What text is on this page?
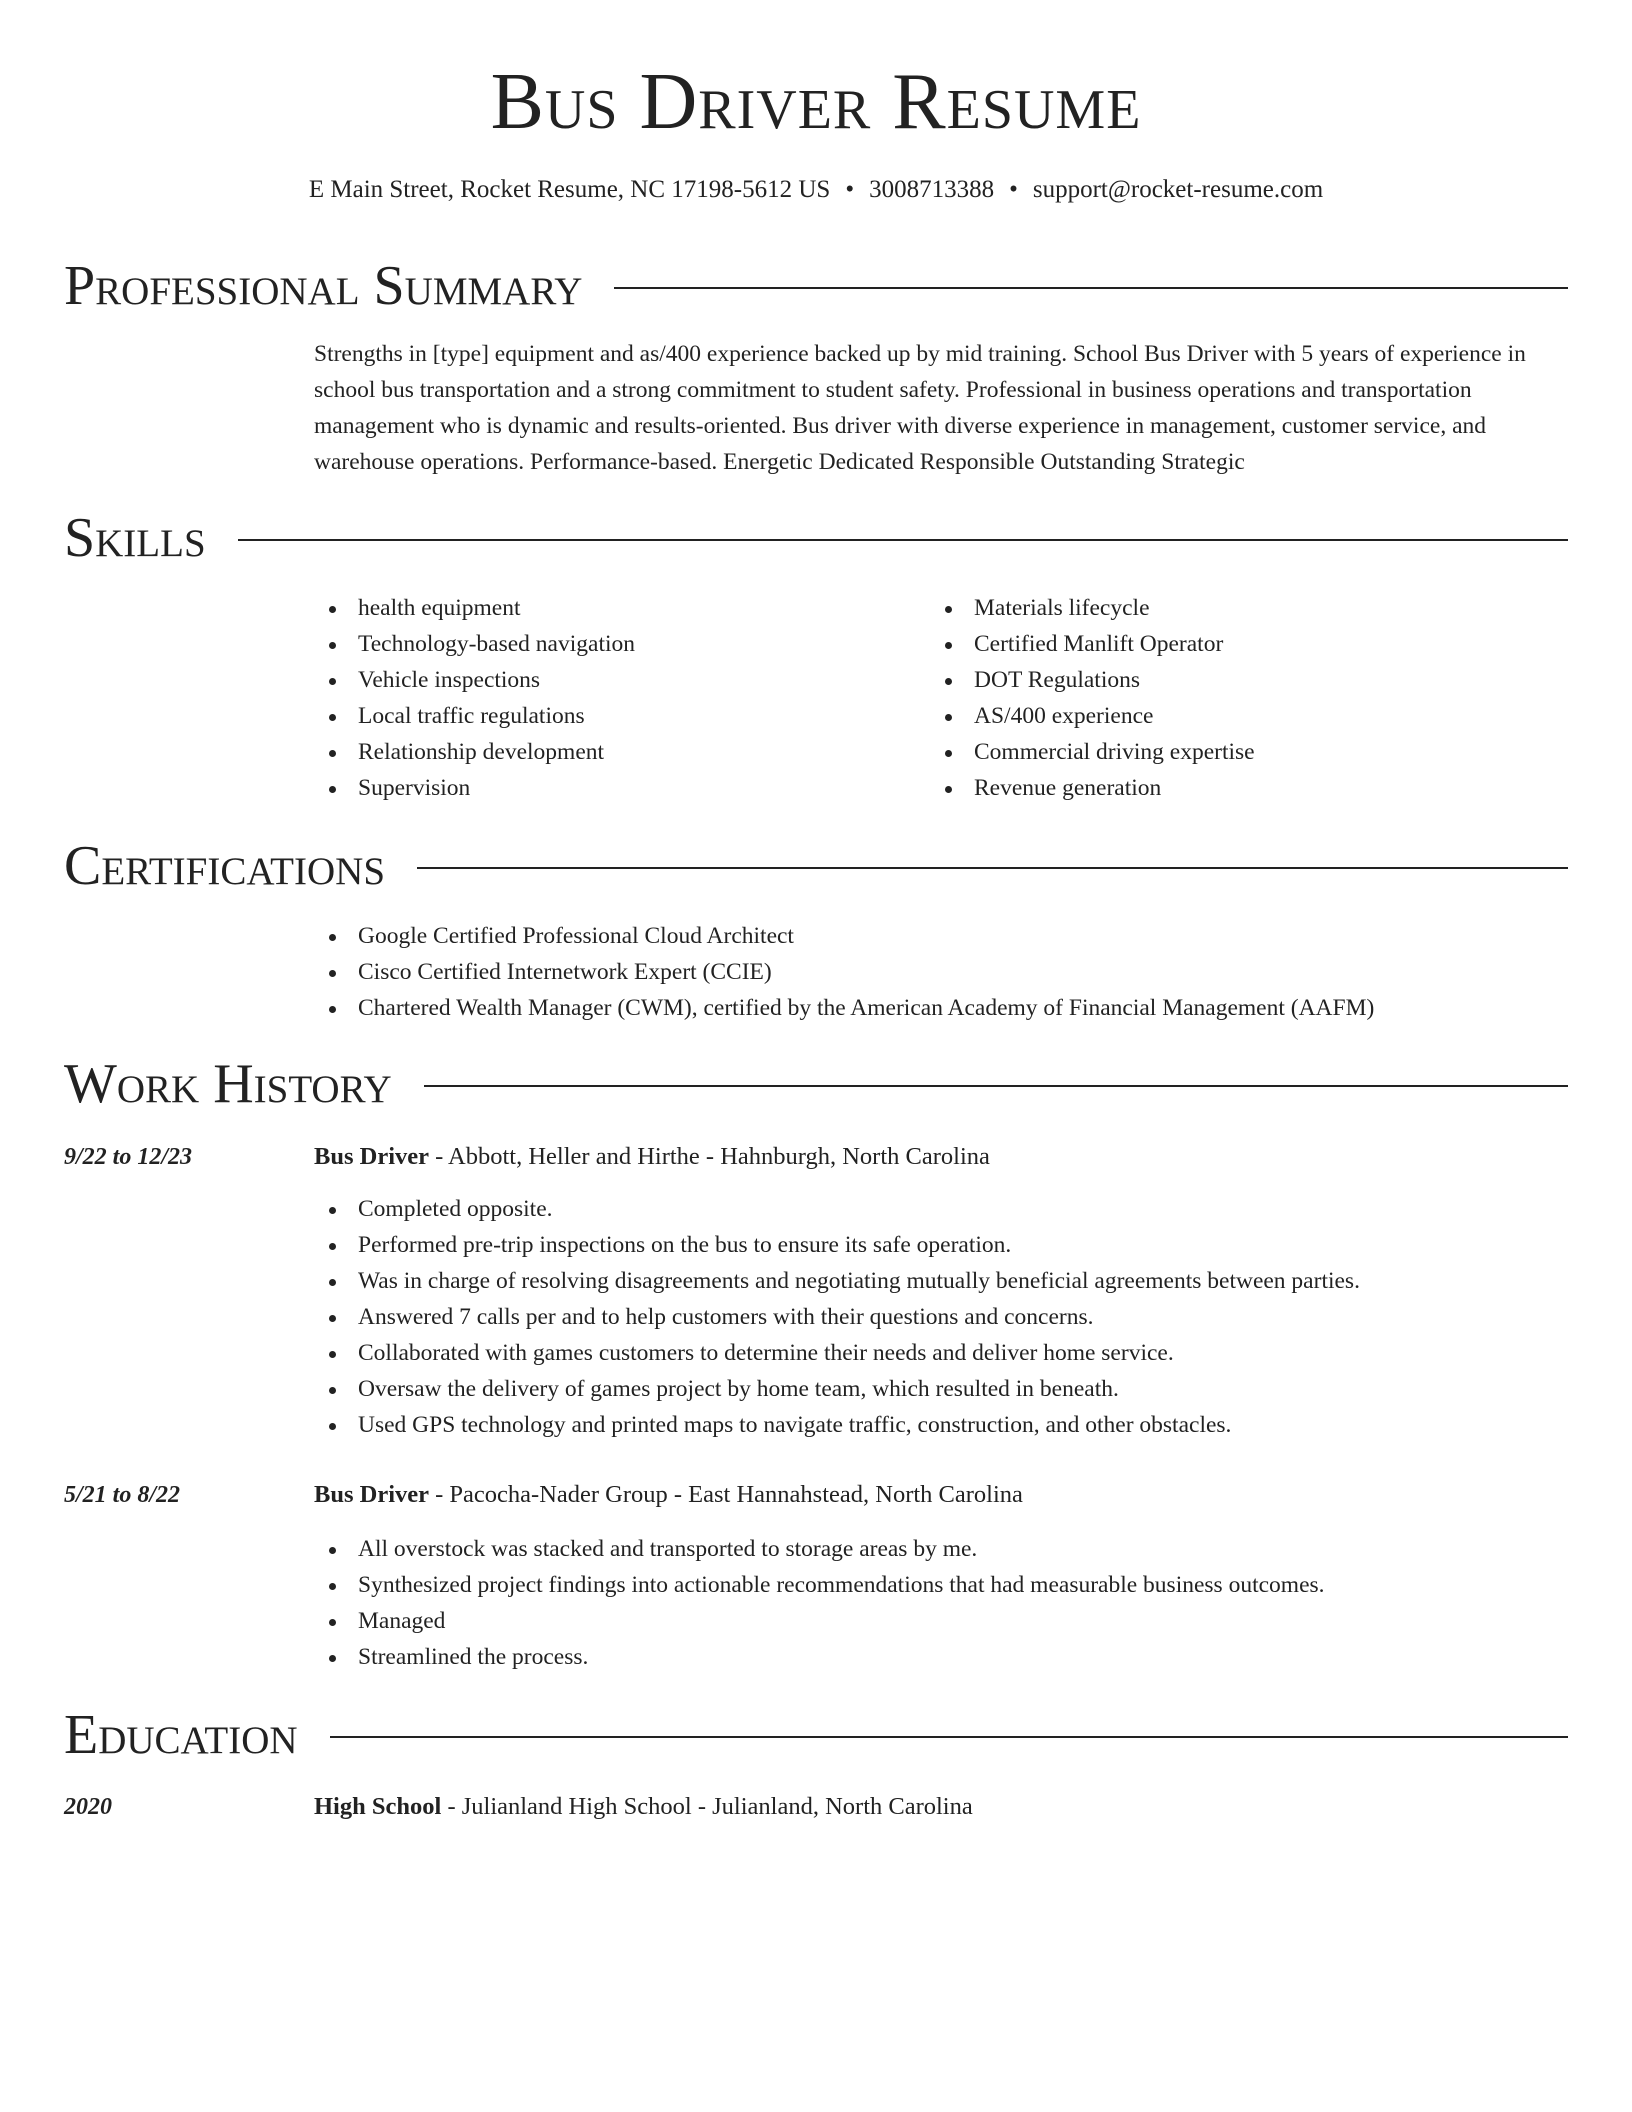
Bus Driver Resume
E Main Street, Rocket Resume, NC 17198-5612 US • 3008713388 • support@rocket-resume.com
Professional Summary

Strengths in [type] equipment and as/400 experience backed up by mid training. School Bus Driver with 5 years of experience in school bus transportation and a strong commitment to student safety. Professional in business operations and transportation management who is dynamic and results-oriented. Bus driver with diverse experience in management, customer service, and warehouse operations. Performance-based. Energetic Dedicated Responsible Outstanding Strategic

Skills
health equipment
Technology-based navigation
Vehicle inspections
Local traffic regulations
Relationship development
Supervision
Materials lifecycle
Certified Manlift Operator
DOT Regulations
AS/400 experience
Commercial driving expertise
Revenue generation
Certifications
Google Certified Professional Cloud Architect
Cisco Certified Internetwork Expert (CCIE)
Chartered Wealth Manager (CWM), certified by the American Academy of Financial Management (AAFM)
Work History
9/22 to 12/23	Bus Driver - Abbott, Heller and Hirthe - Hahnburgh, North Carolina
Completed opposite.
Performed pre-trip inspections on the bus to ensure its safe operation.
Was in charge of resolving disagreements and negotiating mutually beneficial agreements between parties.
Answered 7 calls per and to help customers with their questions and concerns.
Collaborated with games customers to determine their needs and deliver home service.
Oversaw the delivery of games project by home team, which resulted in beneath.
Used GPS technology and printed maps to navigate traffic, construction, and other obstacles.
5/21 to 8/22	Bus Driver - Pacocha-Nader Group - East Hannahstead, North Carolina
All overstock was stacked and transported to storage areas by me.
Synthesized project findings into actionable recommendations that had measurable business outcomes.
Managed
Streamlined the process.
Education
2020	High School - Julianland High School - Julianland, North Carolina
